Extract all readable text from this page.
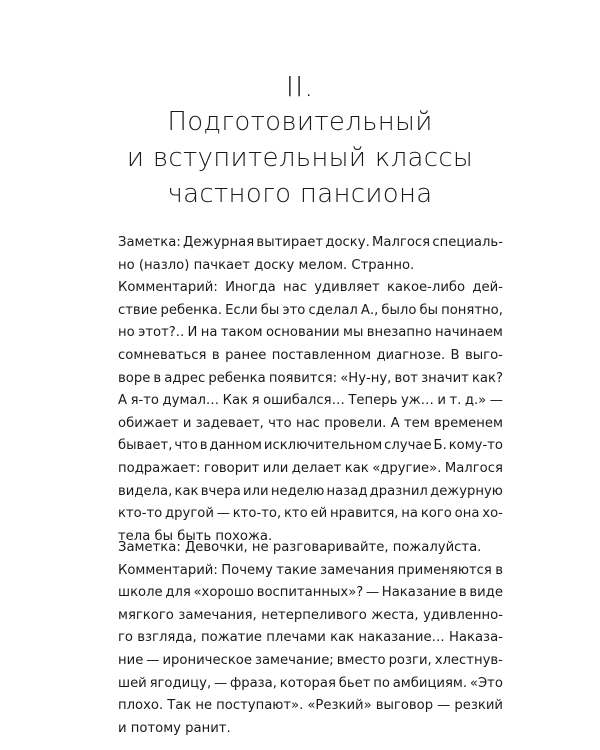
II.
Подготовительный
и вступительный классы
частного пансиона
Заметка: Дежурная вытирает доску. Малгося специаль-
но (назло) пачкает доску мелом. Странно.
Комментарий: Иногда нас удивляет какое-либо дей-
ствие ребенка. Если бы это сделал А., было бы понятно,
но этот?.. И на таком основании мы внезапно начинаем
сомневаться в ранее поставленном диагнозе. В выго-
воре в адрес ребенка появится: «Ну-ну, вот значит как?
А я-то думал… Как я ошибался… Теперь уж… и т. д.» —
обижает и задевает, что нас провели. А тем временем
бывает, что в данном исключительном случае Б. кому-то
подражает: говорит или делает как «другие». Малгося
видела, как вчера или неделю назад дразнил дежурную
кто-то другой — кто-то, кто ей нравится, на кого она хо-
тела бы быть похожа.
Заметка: Девочки, не разговаривайте, пожалуйста.
Комментарий: Почему такие замечания применяются в
школе для «хорошо воспитанных»? — Наказание в виде
мягкого замечания, нетерпеливого жеста, удивленно-
го взгляда, пожатие плечами как наказание… Наказа-
ние — ироническое замечание; вместо розги, хлестнув-
шей ягодицу, — фраза, которая бьет по амбициям. «Это
плохо. Так не поступают». «Резкий» выговор — резкий
и потому ранит.
